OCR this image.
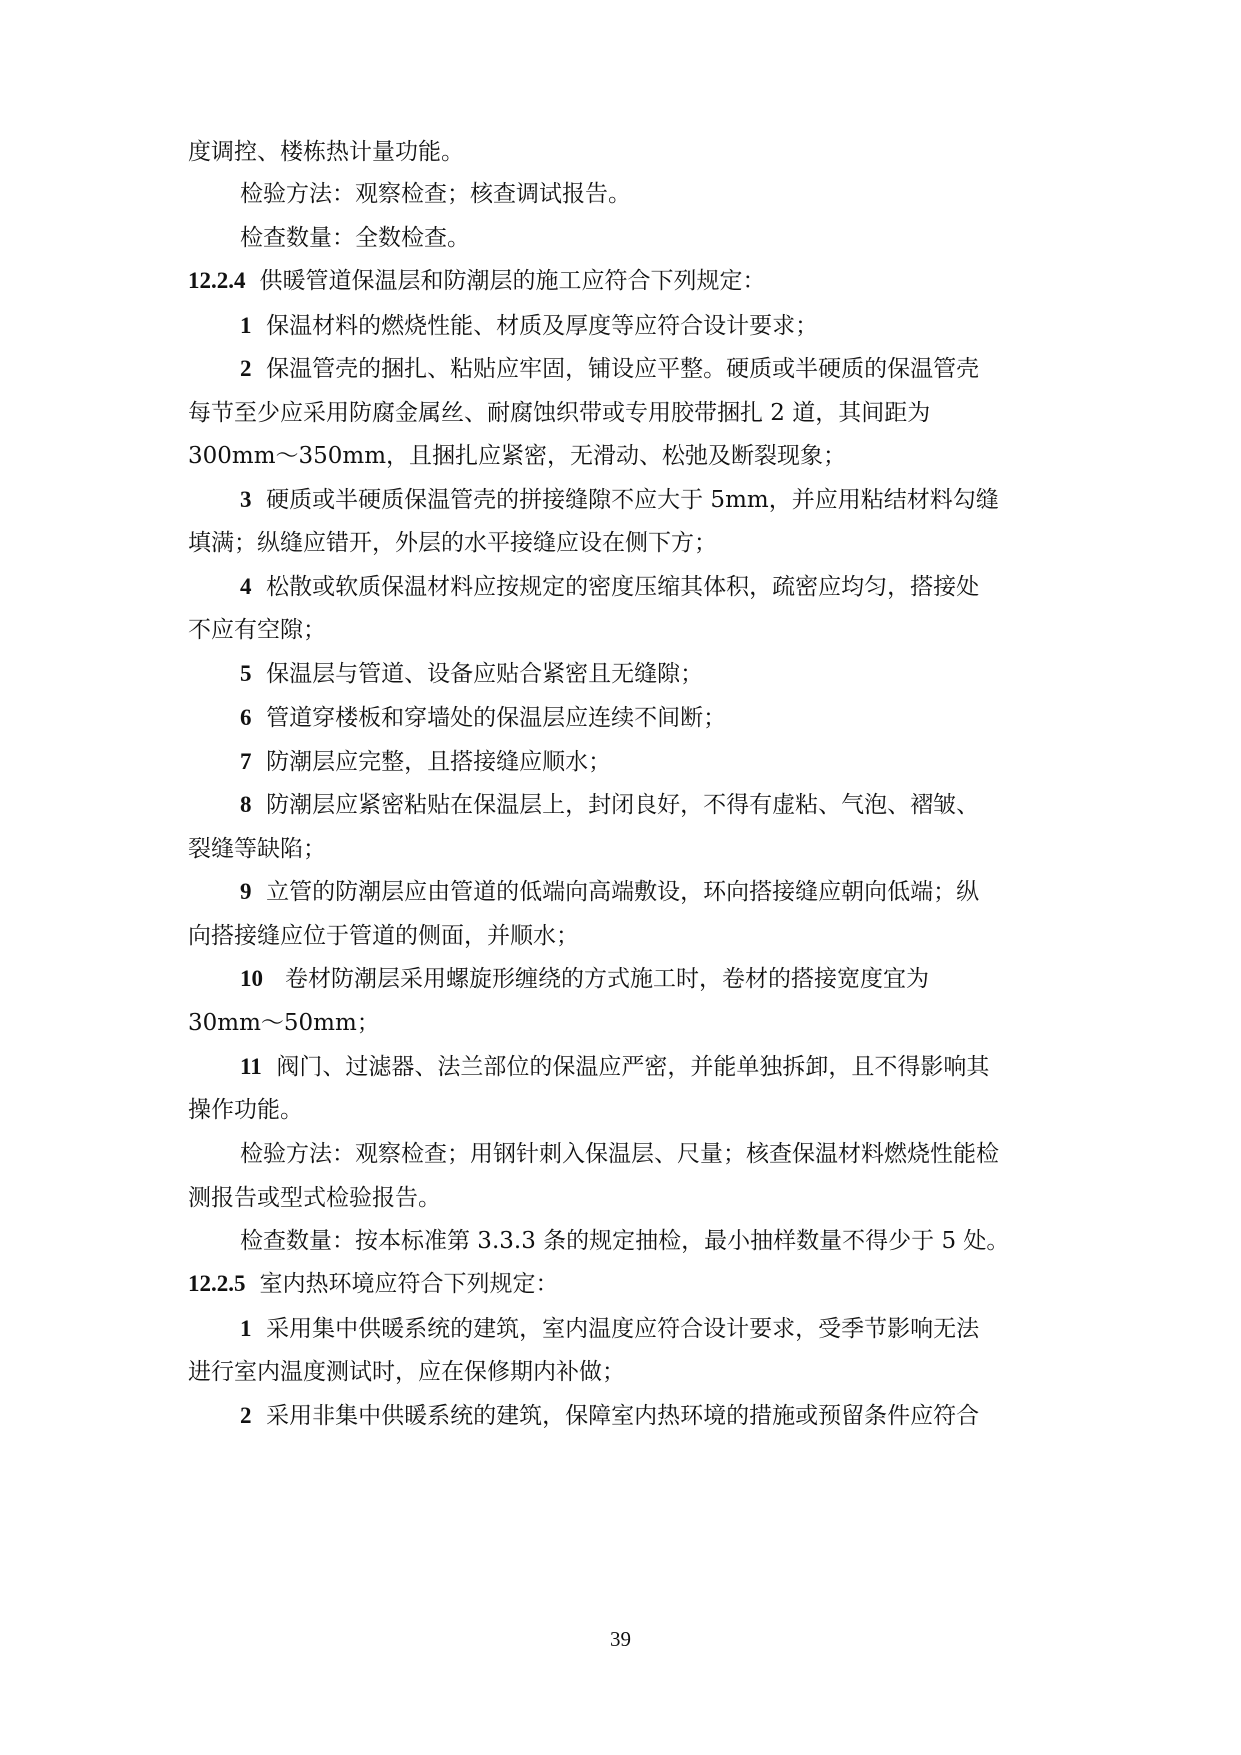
度调控、楼栋热计量功能。
检验方法：观察检查；核查调试报告。
检查数量：全数检查。
12.2.4 供暖管道保温层和防潮层的施工应符合下列规定：
1 保温材料的燃烧性能、材质及厚度等应符合设计要求；
2 保温管壳的捆扎、粘贴应牢固，铺设应平整。硬质或半硬质的保温管壳
每节至少应采用防腐金属丝、耐腐蚀织带或专用胶带捆扎 2 道，其间距为
300mm～350mm，且捆扎应紧密，无滑动、松弛及断裂现象；
3 硬质或半硬质保温管壳的拼接缝隙不应大于 5mm，并应用粘结材料勾缝
填满；纵缝应错开，外层的水平接缝应设在侧下方；
4 松散或软质保温材料应按规定的密度压缩其体积，疏密应均匀，搭接处
不应有空隙；
5 保温层与管道、设备应贴合紧密且无缝隙；
6 管道穿楼板和穿墙处的保温层应连续不间断；
7 防潮层应完整，且搭接缝应顺水；
8 防潮层应紧密粘贴在保温层上，封闭良好，不得有虚粘、气泡、褶皱、
裂缝等缺陷；
9 立管的防潮层应由管道的低端向高端敷设，环向搭接缝应朝向低端；纵
向搭接缝应位于管道的侧面，并顺水；
10 卷材防潮层采用螺旋形缠绕的方式施工时，卷材的搭接宽度宜为
30mm～50mm；
11 阀门、过滤器、法兰部位的保温应严密，并能单独拆卸，且不得影响其
操作功能。
检验方法：观察检查；用钢针刺入保温层、尺量；核查保温材料燃烧性能检
测报告或型式检验报告。
检查数量：按本标准第 3.3.3 条的规定抽检，最小抽样数量不得少于 5 处。
12.2.5 室内热环境应符合下列规定：
1 采用集中供暖系统的建筑，室内温度应符合设计要求，受季节影响无法
进行室内温度测试时，应在保修期内补做；
2 采用非集中供暖系统的建筑，保障室内热环境的措施或预留条件应符合
39
